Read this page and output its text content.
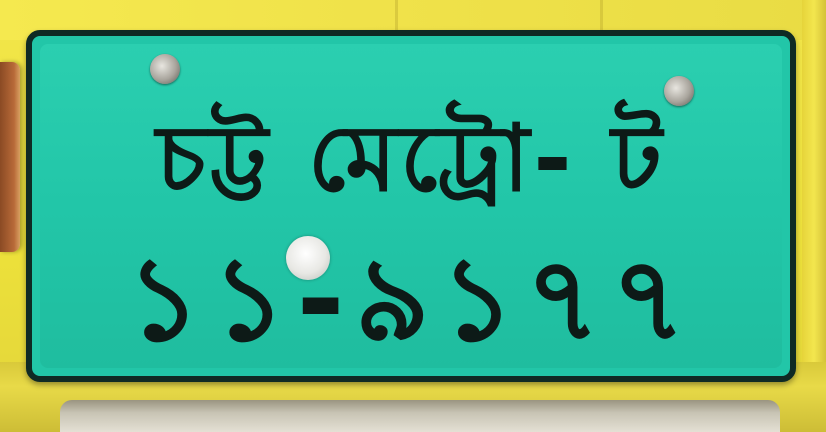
চট্ট মেট্রো- ট
১১-৯১৭৭
